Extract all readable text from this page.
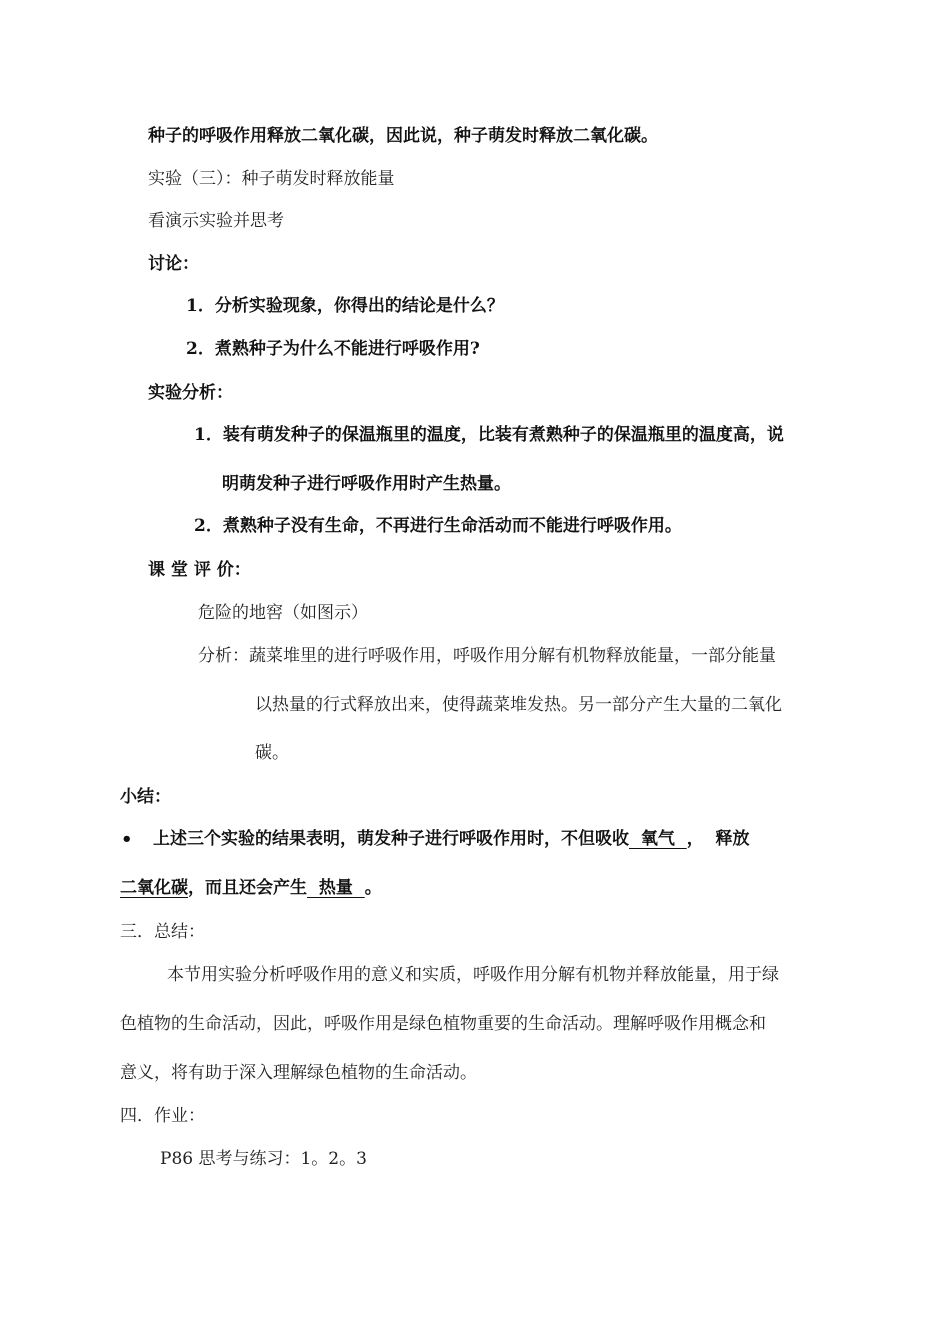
种子的呼吸作用释放二氧化碳，因此说，种子萌发时释放二氧化碳。
实验（三）：种子萌发时释放能量
看演示实验并思考
讨论：
1．分析实验现象，你得出的结论是什么？
2．煮熟种子为什么不能进行呼吸作用?
实验分析：
1．装有萌发种子的保温瓶里的温度，比装有煮熟种子的保温瓶里的温度高，说
明萌发种子进行呼吸作用时产生热量。
2．煮熟种子没有生命，不再进行生命活动而不能进行呼吸作用。
课 堂 评 价：
危险的地窖（如图示）
分析：蔬菜堆里的进行呼吸作用，呼吸作用分解有机物释放能量，一部分能量
以热量的行式释放出来，使得蔬菜堆发热。另一部分产生大量的二氧化
碳。
小结：
• 上述三个实验的结果表明，萌发种子进行呼吸作用时，不但吸收  氧气  ，  释放
二氧化碳，而且还会产生  热量  。
三．总结：
本节用实验分析呼吸作用的意义和实质，呼吸作用分解有机物并释放能量，用于绿
色植物的生命活动，因此，呼吸作用是绿色植物重要的生命活动。理解呼吸作用概念和
意义，将有助于深入理解绿色植物的生命活动。
四．作业：
P86 思考与练习：1。2。3
